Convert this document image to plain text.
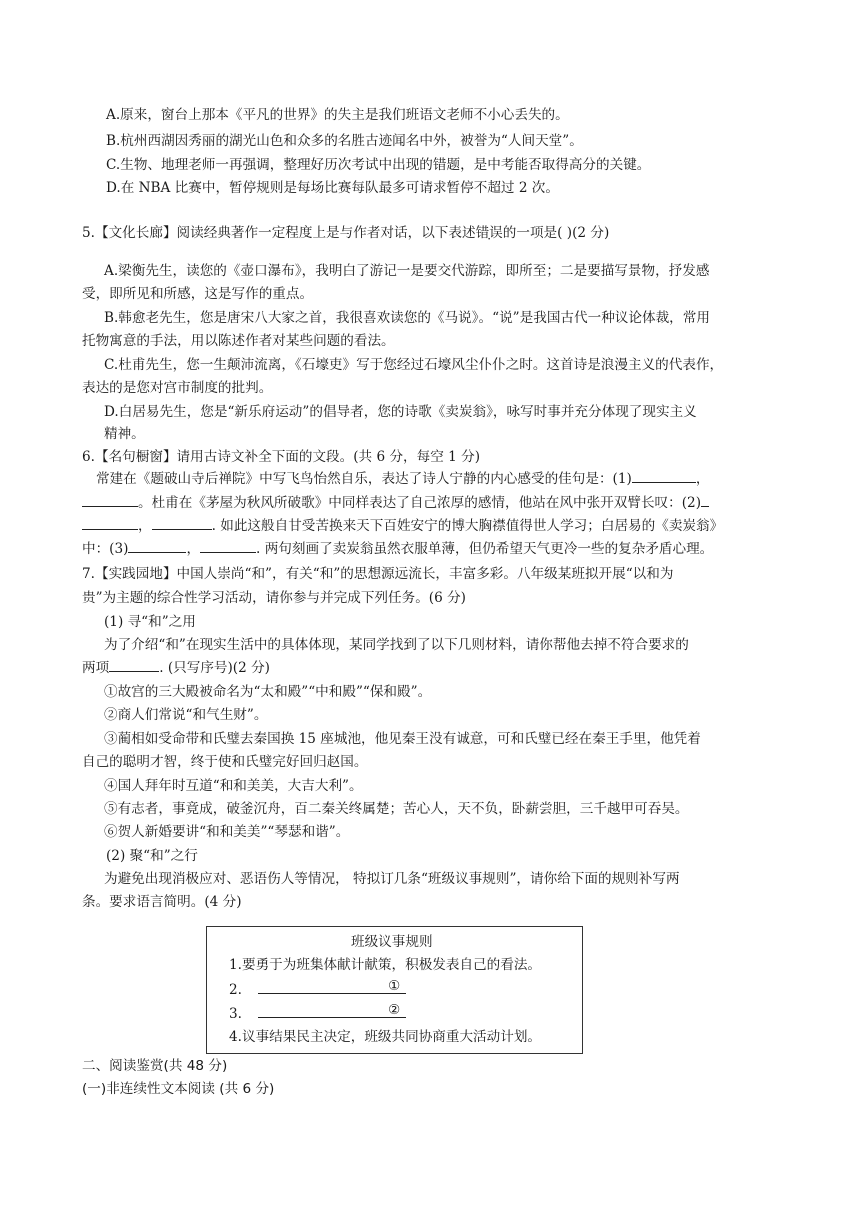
A.原来，窗台上那本《平凡的世界》的失主是我们班语文老师不小心丢失的。
B.杭州西湖因秀丽的湖光山色和众多的名胜古迹闻名中外，被誉为“人间天堂”。
C.生物、地理老师一再强调，整理好历次考试中出现的错题，是中考能否取得高分的关键。
D.在 NBA 比赛中，暂停规则是每场比赛每队最多可请求暂停不超过 2 次。
5.【文化长廊】阅读经典著作一定程度上是与作者对话，以下表述错误的一项是( )(2 分)
A.梁衡先生，读您的《壶口瀑布》，我明白了游记一是要交代游踪，即所至；二是要描写景物，抒发感
受，即所见和所感，这是写作的重点。
B.韩愈老先生，您是唐宋八大家之首，我很喜欢读您的《马说》。“说”是我国古代一种议论体裁，常用
托物寓意的手法，用以陈述作者对某些问题的看法。
C.杜甫先生，您一生颠沛流离，《石壕吏》写于您经过石壕风尘仆仆之时。这首诗是浪漫主义的代表作，
表达的是您对宫市制度的批判。
D.白居易先生，您是“新乐府运动”的倡导者，您的诗歌《卖炭翁》，咏写时事并充分体现了现实主义
精神。
6.【名句橱窗】请用古诗文补全下面的文段。(共 6 分，每空 1 分)
常建在《题破山寺后禅院》中写飞鸟怡然自乐，表达了诗人宁静的内心感受的佳句是：(1)	，
。杜甫在《茅屋为秋风所破歌》中同样表达了自己浓厚的感情，他站在风中张开双臂长叹：(2)
，	. 如此这般自甘受苦换来天下百姓安宁的博大胸襟值得世人学习；白居易的《卖炭翁》
中：(3)	，	. 两句刻画了卖炭翁虽然衣服单薄，但仍希望天气更冷一些的复杂矛盾心理。
7.【实践园地】中国人崇尚“和”，有关“和”的思想源远流长，丰富多彩。八年级某班拟开展“以和为
贵”为主题的综合性学习活动，请你参与并完成下列任务。(6 分)
(1) 寻“和”之用
为了介绍“和”在现实生活中的具体体现，某同学找到了以下几则材料，请你帮他去掉不符合要求的
两项	. (只写序号)(2 分)
①故宫的三大殿被命名为“太和殿”“中和殿”“保和殿”。
②商人们常说“和气生财”。
③蔺相如受命带和氏璧去秦国换 15 座城池，他见秦王没有诚意，可和氏璧已经在秦王手里，他凭着
自己的聪明才智，终于使和氏璧完好回归赵国。
④国人拜年时互道“和和美美，大吉大利”。
⑤有志者，事竟成，破釜沉舟，百二秦关终属楚；苦心人，天不负，卧薪尝胆，三千越甲可吞吴。
⑥贺人新婚要讲“和和美美”“琴瑟和谐”。
(2) 聚“和”之行
为避免出现消极应对、恶语伤人等情况， 特拟订几条“班级议事规则”，请你给下面的规则补写两
条。要求语言简明。(4 分)
班级议事规则
1.要勇于为班集体献计献策，积极发表自己的看法。
2.	①
3.	②
4.议事结果民主决定，班级共同协商重大活动计划。
二、阅读鉴赏(共 48 分)
(一)非连续性文本阅读 (共 6 分)
